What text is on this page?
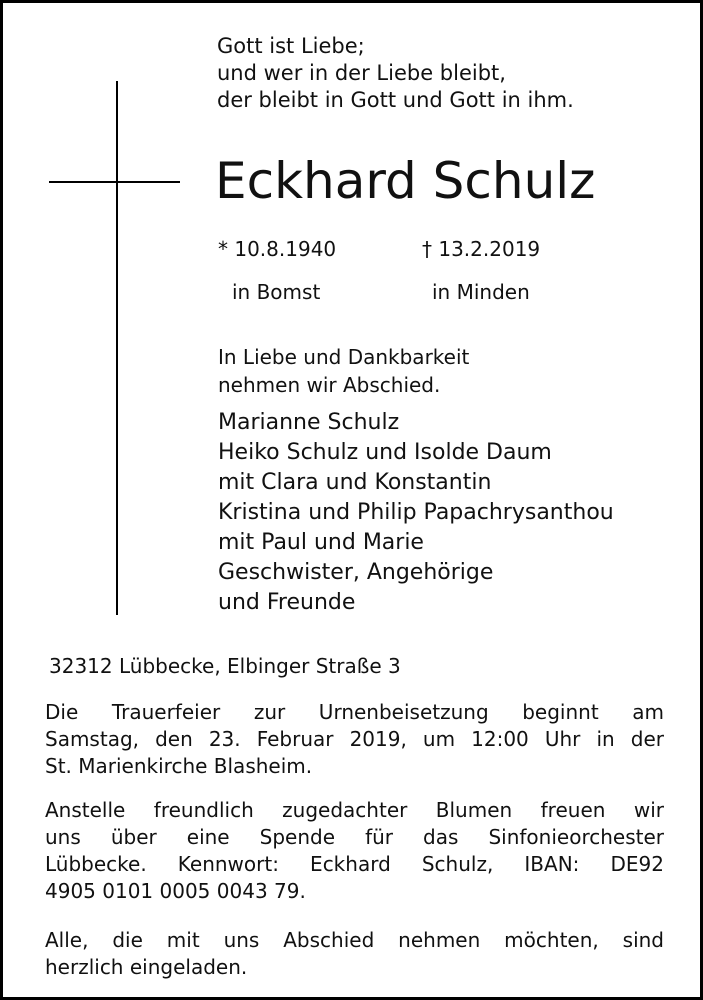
Gott ist Liebe;
und wer in der Liebe bleibt,
der bleibt in Gott und Gott in ihm.
Eckhard Schulz
* 10.8.1940	† 13.2.2019
in Bomst	in Minden
In Liebe und Dankbarkeit
nehmen wir Abschied.
Marianne Schulz
Heiko Schulz und Isolde Daum
mit Clara und Konstantin
Kristina und Philip Papachrysanthou
mit Paul und Marie
Geschwister, Angehörige
und Freunde
32312 Lübbecke, Elbinger Straße 3
Die Trauerfeier zur Urnenbeisetzung beginnt am
Samstag, den 23. Februar 2019, um 12:00 Uhr in der
St. Marienkirche Blasheim.
Anstelle freundlich zugedachter Blumen freuen wir
uns über eine Spende für das Sinfonieorchester
Lübbecke. Kennwort: Eckhard Schulz, IBAN: DE92
4905 0101 0005 0043 79.
Alle, die mit uns Abschied nehmen möchten, sind
herzlich eingeladen.
